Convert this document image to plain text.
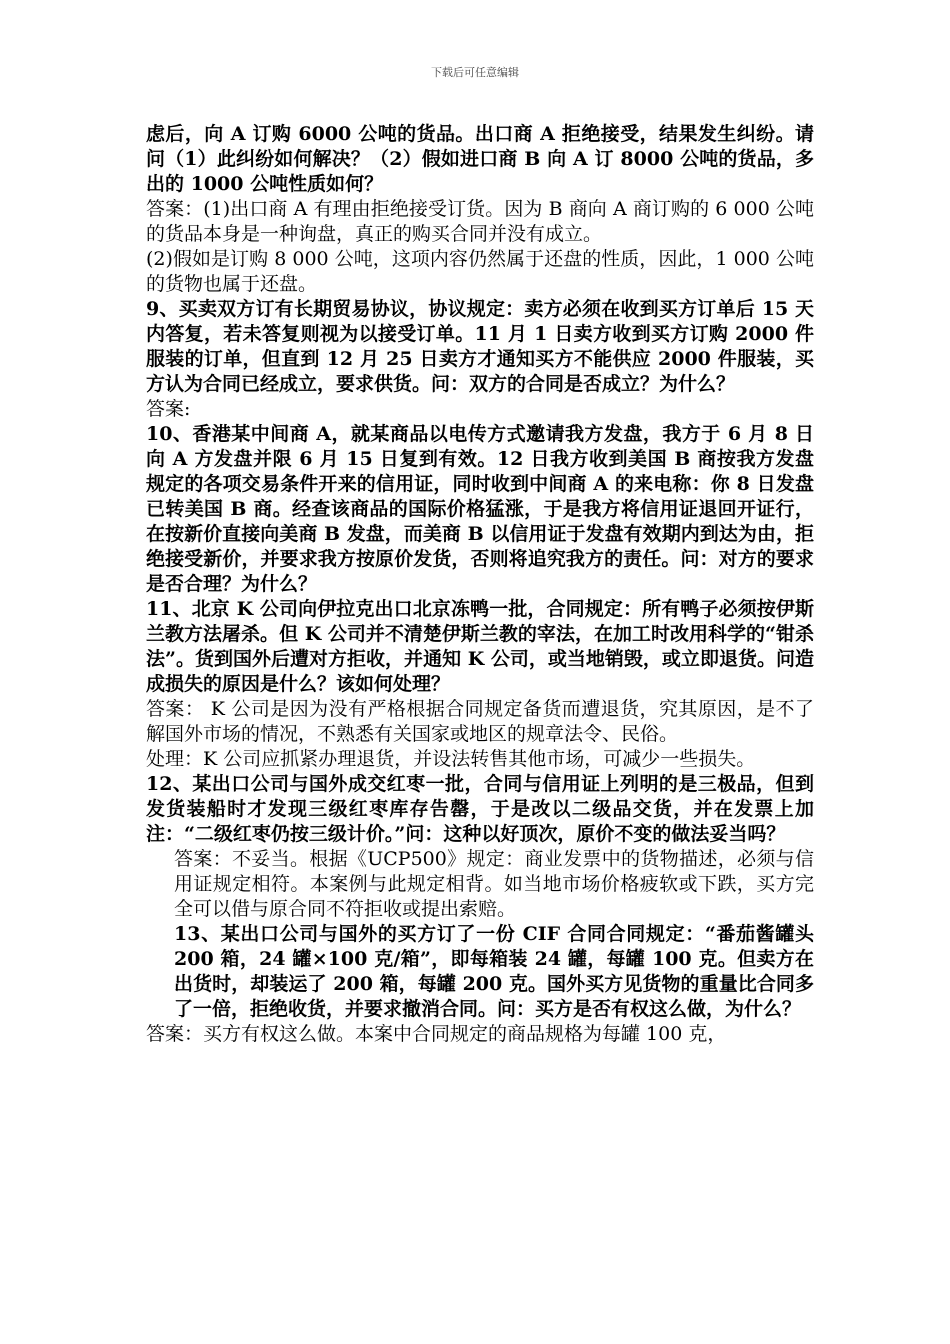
下载后可任意编辑

虑后，向 A 订购 6000 公吨的货品。出口商 A 拒绝接受，结果发生纠纷。请问（1）此纠纷如何解决？（2）假如进口商 B 向 A 订 8000 公吨的货品，多出的 1000 公吨性质如何？

答案：(1)出口商 A 有理由拒绝接受订货。因为 B 商向 A 商订购的 6 000 公吨的货品本身是一种询盘，真正的购买合同并没有成立。

(2)假如是订购 8 000 公吨，这项内容仍然属于还盘的性质，因此，1 000 公吨的货物也属于还盘。

9、买卖双方订有长期贸易协议，协议规定：卖方必须在收到买方订单后 15 天内答复，若未答复则视为以接受订单。11 月 1 日卖方收到买方订购 2000 件服装的订单，但直到 12 月 25 日卖方才通知买方不能供应 2000 件服装，买方认为合同已经成立，要求供货。问：双方的合同是否成立？为什么？

答案:

10、香港某中间商 A，就某商品以电传方式邀请我方发盘，我方于 6 月 8 日向 A 方发盘并限 6 月 15 日复到有效。12 日我方收到美国 B 商按我方发盘规定的各项交易条件开来的信用证，同时收到中间商 A 的来电称：你 8 日发盘已转美国 B 商。经查该商品的国际价格猛涨，于是我方将信用证退回开证行，在按新价直接向美商 B 发盘，而美商 B 以信用证于发盘有效期内到达为由，拒绝接受新价，并要求我方按原价发货，否则将追究我方的责任。问：对方的要求是否合理？为什么？

11、北京 K 公司向伊拉克出口北京冻鸭一批，合同规定：所有鸭子必须按伊斯兰教方法屠杀。但 K 公司并不清楚伊斯兰教的宰法，在加工时改用科学的“钳杀法”。货到国外后遭对方拒收，并通知 K 公司，或当地销毁，或立即退货。问造成损失的原因是什么？该如何处理？

答案： K 公司是因为没有严格根据合同规定备货而遭退货，究其原因，是不了解国外市场的情况，不熟悉有关国家或地区的规章法令、民俗。

处理：K 公司应抓紧办理退货，并设法转售其他市场，可减少一些损失。

12、某出口公司与国外成交红枣一批，合同与信用证上列明的是三极品，但到发货装船时才发现三级红枣库存告罄，于是改以二级品交货，并在发票上加注：“二级红枣仍按三级计价。”问：这种以好顶次，原价不变的做法妥当吗？

答案：不妥当。根据《UCP500》规定：商业发票中的货物描述，必须与信用证规定相符。本案例与此规定相背。如当地市场价格疲软或下跌，买方完全可以借与原合同不符拒收或提出索赔。

13、某出口公司与国外的买方订了一份 CIF 合同合同规定：“番茄酱罐头 200 箱，24 罐×100 克/箱”，即每箱装 24 罐，每罐 100 克。但卖方在出货时，却装运了 200 箱，每罐 200 克。国外买方见货物的重量比合同多了一倍，拒绝收货，并要求撤消合同。问：买方是否有权这么做，为什么？

答案：买方有权这么做。本案中合同规定的商品规格为每罐 100 克，
